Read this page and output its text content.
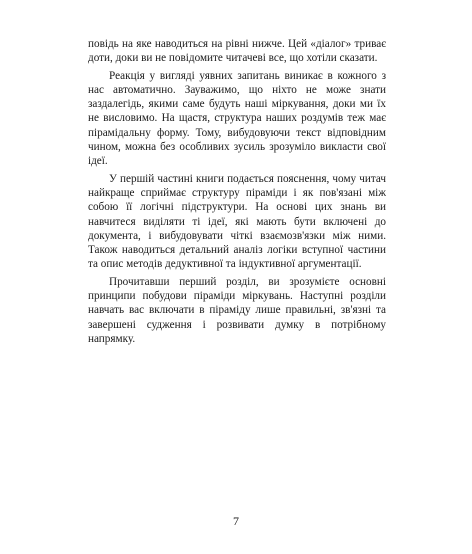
повідь на яке наводиться на рівні нижче. Цей «діалог» триває доти, доки ви не повідомите читачеві все, що хотіли сказати.

Реакція у вигляді уявних запитань виникає в кожного з нас автоматично. Зауважимо, що ніхто не може знати заздалегідь, якими саме будуть наші міркування, доки ми їх не висловимо. На щастя, структура наших роздумів теж має пірамідальну форму. Тому, вибудовуючи текст відповідним чином, можна без особливих зусиль зрозуміло викласти свої ідеї.

У першій частині книги подається пояснення, чому читач найкраще сприймає структуру піраміди і як пов'язані між собою її логічні підструктури. На основі цих знань ви навчитеся виділяти ті ідеї, які мають бути включені до документа, і вибудовувати чіткі взаємозв'язки між ними. Також наводиться детальний аналіз логіки вступної частини та опис методів дедуктивної та індуктивної аргументації.

Прочитавши перший розділ, ви зрозумієте основні принципи побудови піраміди міркувань. Наступні розділи навчать вас включати в піраміду лише правильні, зв'язні та завершені судження і розвивати думку в потрібному напрямку.

7
